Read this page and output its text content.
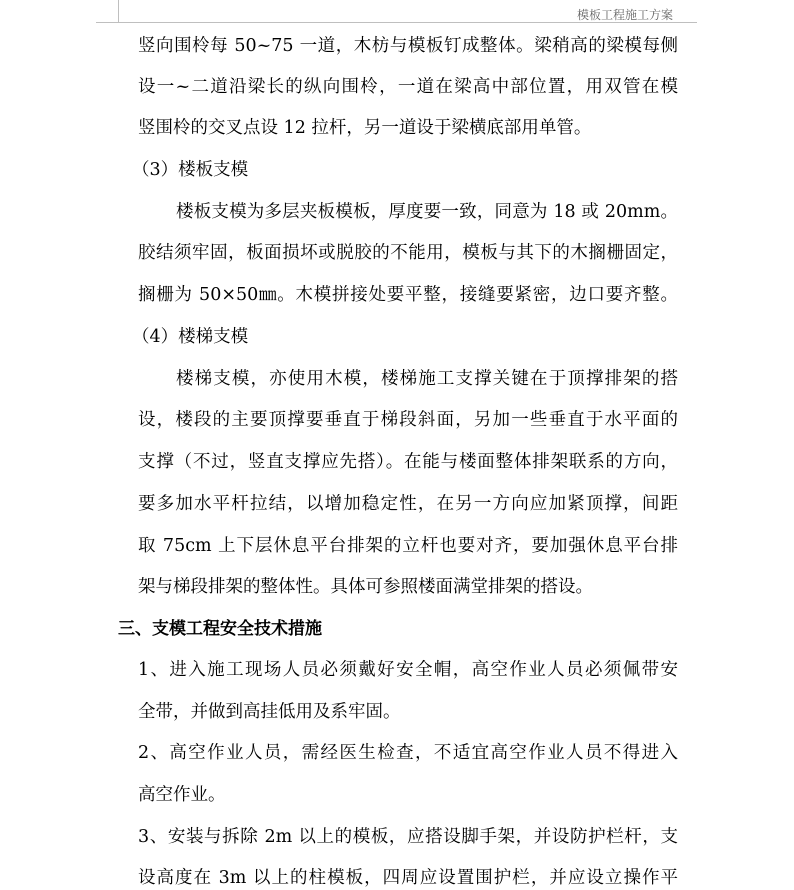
模板工程施工方案
竖向围柃每 50~75 一道，木枋与模板钉成整体。梁稍高的梁模每侧
设一~二道沿梁长的纵向围柃，一道在梁高中部位置，用双管在模
竖围柃的交叉点设 12 拉杆，另一道设于梁横底部用单管。
（3）楼板支模
楼板支模为多层夹板模板，厚度要一致，同意为 18 或 20mm。
胶结须牢固，板面损坏或脱胶的不能用，模板与其下的木搁栅固定，
搁栅为 50×50㎜。木模拼接处要平整，接缝要紧密，边口要齐整。
（4）楼梯支模
楼梯支模，亦使用木模，楼梯施工支撑关键在于顶撑排架的搭
设，楼段的主要顶撑要垂直于梯段斜面，另加一些垂直于水平面的
支撑（不过，竖直支撑应先搭）。在能与楼面整体排架联系的方向，
要多加水平杆拉结，以增加稳定性，在另一方向应加紧顶撑，间距
取 75cm 上下层休息平台排架的立杆也要对齐，要加强休息平台排
架与梯段排架的整体性。具体可参照楼面满堂排架的搭设。
三、支模工程安全技术措施
1、进入施工现场人员必须戴好安全帽，高空作业人员必须佩带安
全带，并做到高挂低用及系牢固。
2、高空作业人员，需经医生检查，不适宜高空作业人员不得进入
高空作业。
3、安装与拆除 2m 以上的模板，应搭设脚手架，并设防护栏杆，支
设高度在 3m 以上的柱模板，四周应设置围护栏，并应设立操作平
